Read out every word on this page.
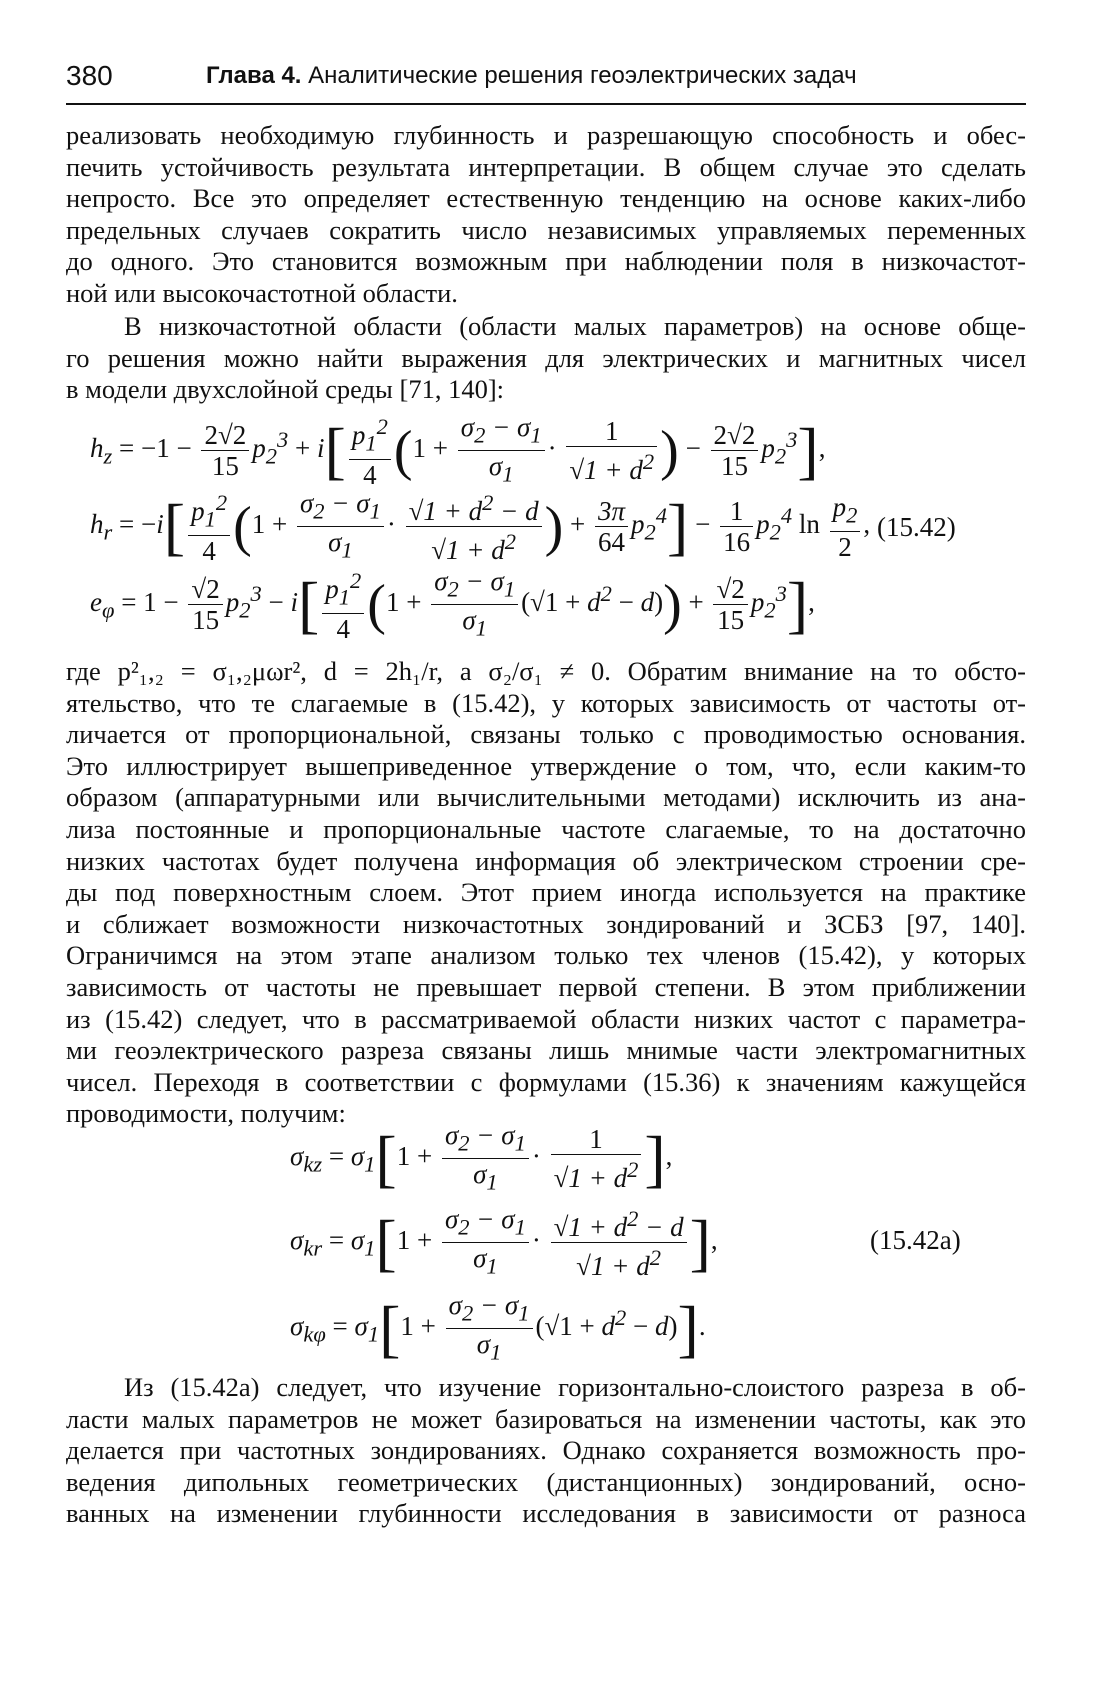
380	Глава 4. Аналитические решения геоэлектрических задач
реализовать необходимую глубинность и разрешающую способность и обес-
печить устойчивость результата интерпретации. В общем случае это сделать
непросто. Все это определяет естественную тенденцию на основе каких-либо
предельных случаев сократить число независимых управляемых переменных
до одного. Это становится возможным при наблюдении поля в низкочастот-
ной или высокочастотной области.
В низкочастотной области (области малых параметров) на основе обще-
го решения можно найти выражения для электрических и магнитных чисел
в модели двухслойной среды [71, 140]:
$h_z = -1 - \frac{2√2}{15} p_2^3 + i[ \frac{p_1^2}{4} (1 + \frac{\sigma_2 - \sigma_1}{\sigma_1} \cdot \frac{1}{√1 + d^2}$ ) − $\frac{2√2}{15} p_2^3$],
$h_r = -i[ \frac{p_1^2}{4} (1 + \frac{\sigma_2 - \sigma_1}{\sigma_1} \cdot \frac{√1 + d^2 - d}{√1 + d^2}$ ) + $\frac{3\pi}{64} p_2^4] - \frac{1}{16} p_2^4$ $\ln \frac{p_2}{2}$ , (15.42)
$e_\varphi = 1 - \frac{√2}{15} p_2^3 - i[ \frac{p_1^2}{4} (1 + \frac{\sigma_2 - \sigma_1}{\sigma_1} (√1 + d^2 - d)) + \frac{√2}{15} p_2^3]$,
где p²₁,₂ = σ₁,₂μωr², d = 2h₁/r, а σ₂/σ₁ ≠ 0. Обратим внимание на то обсто-
ятельство, что те слагаемые в (15.42), у которых зависимость от частоты от-
личается от пропорциональной, связаны только с проводимостью основания.
Это иллюстрирует вышеприведенное утверждение о том, что, если каким-то
образом (аппаратурными или вычислительными методами) исключить из ана-
лиза постоянные и пропорциональные частоте слагаемые, то на достаточно
низких частотах будет получена информация об электрическом строении сре-
ды под поверхностным слоем. Этот прием иногда используется на практике
и сближает возможности низкочастотных зондирований и ЗСБЗ [97, 140].
Ограничимся на этом этапе анализом только тех членов (15.42), у которых
зависимость от частоты не превышает первой степени. В этом приближении
из (15.42) следует, что в рассматриваемой области низких частот с параметра-
ми геоэлектрического разреза связаны лишь мнимые части электромагнитных
чисел. Переходя в соответствии с формулами (15.36) к значениям кажущейся
проводимости, получим:
$\sigma_{kz} = \sigma_1[1 + \frac{\sigma_2 - \sigma_1}{\sigma_1} \cdot \frac{1}{√1 + d^2}$ ],
$\sigma_{kr} = \sigma_1[1 + \frac{\sigma_2 - \sigma_1}{\sigma_1} \cdot \frac{√1 + d^2 - d}{√1 + d^2}$ ],	(15.42a)
$\sigma_{k\varphi} = \sigma_1[1 + \frac{\sigma_2 - \sigma_1}{\sigma_1} (√1 + d^2 - d)]$.
Из (15.42a) следует, что изучение горизонтально-слоистого разреза в об-
ласти малых параметров не может базироваться на изменении частоты, как это
делается при частотных зондированиях. Однако сохраняется возможность про-
ведения дипольных геометрических (дистанционных) зондирований, осно-
ванных на изменении глубинности исследования в зависимости от разноса
